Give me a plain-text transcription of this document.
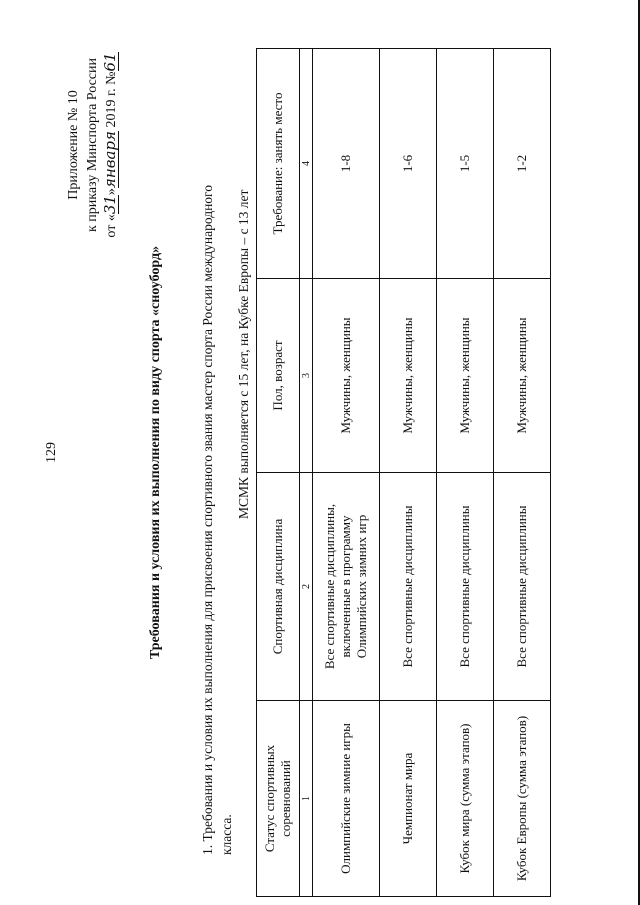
129
Приложение № 10 к приказу Минспорта России от «31»января 2019 г. №61
Требования и условия их выполнения по виду спорта «сноуборд»	1. Требования и условия их выполнения для присвоения спортивного звания мастер спорта России международного класса.
МСМК выполняется с 15 лет, на Кубке Европы – с 13 лет
Статус спортивных соревнований	Спортивная дисциплина	Пол, возраст	Требование: занять место
1	2	3	4
Олимпийские зимние игры	Все спортивные дисциплины, включенные в программу Олимпийских зимних игр	Мужчины, женщины	1-8
Чемпионат мира	Все спортивные дисциплины	Мужчины, женщины	1-6
Кубок мира (сумма этапов)	Все спортивные дисциплины	Мужчины, женщины	1-5
Кубок Европы (сумма этапов)	Все спортивные дисциплины	Мужчины, женщины	1-2
